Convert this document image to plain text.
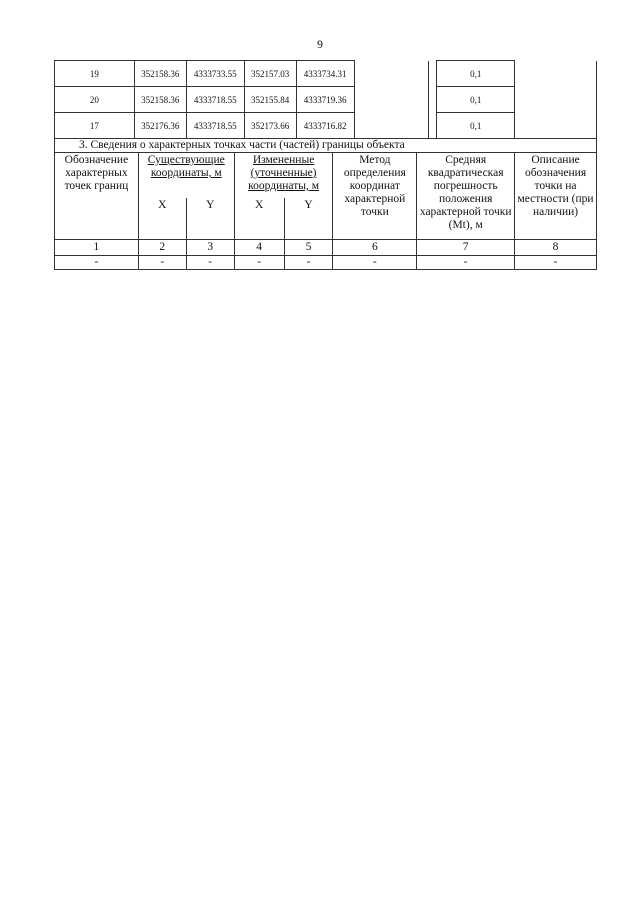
9
19	352158.36	4333733.55	352157.03	4333734.31			0,1	
20	352158.36	4333718.55	352155.84	4333719.36			0,1	
17	352176.36	4333718.55	352173.66	4333716.82			0,1	
3. Сведения о характерных точках части (частей) границы объекта							
Обозначение характерных точек границ	Существующие координаты, м		Измененные (уточненные) координаты, м		Метод определения координат характерной точки	Средняя квадратическая погрешность положения характерной точки (Mt), м	Описание обозначения точки на местности (при наличии)
	X	Y	X	Y			
1	2	3	4	5	6	7	8
-	-	-	-	-	-	-	-
